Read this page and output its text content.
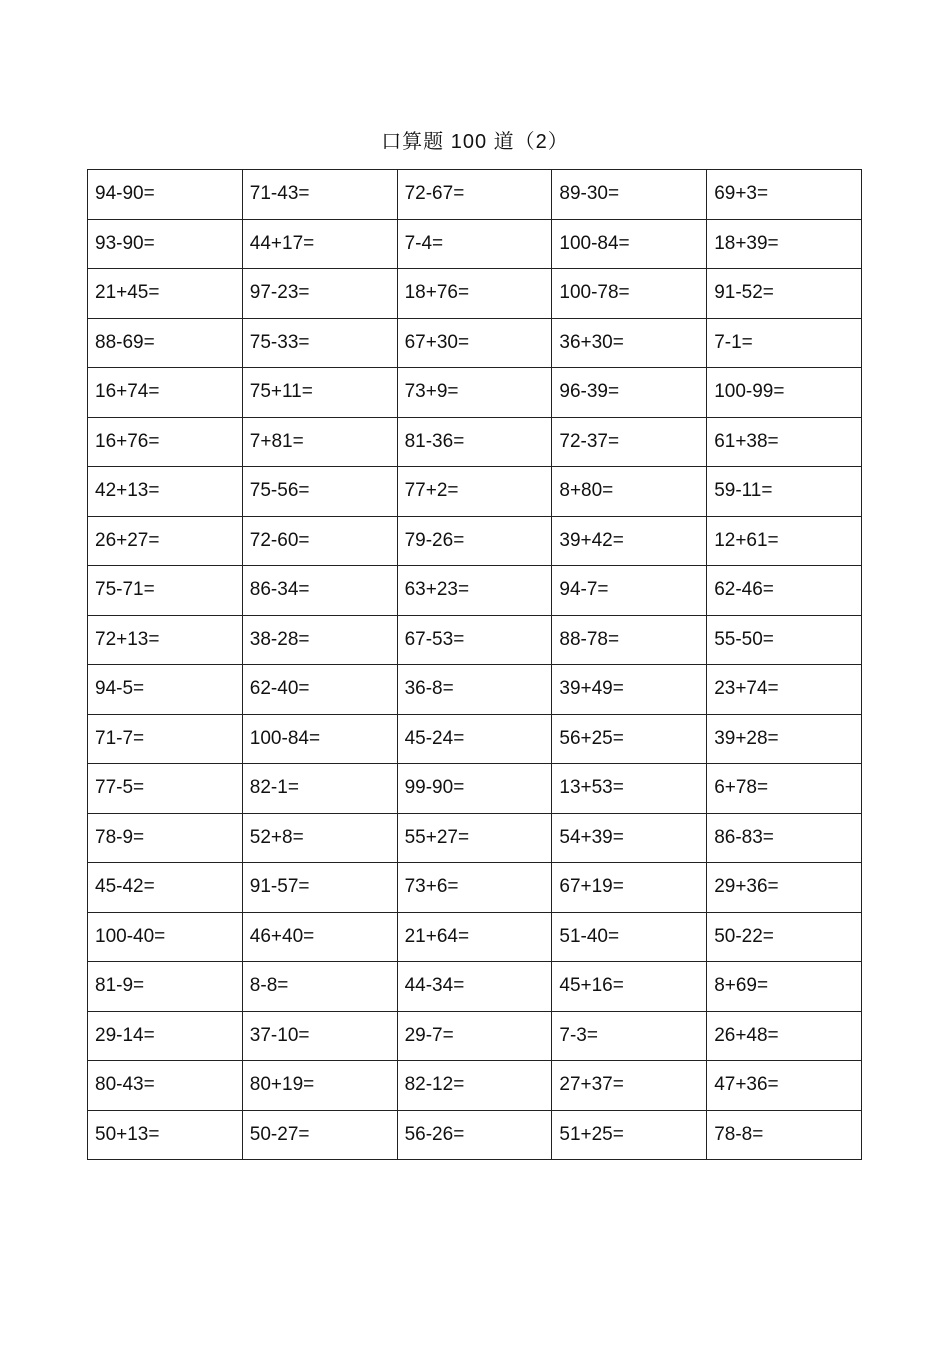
口算题 100 道（2）
94-90=	71-43=	72-67=	89-30=	69+3=
93-90=	44+17=	7-4=	100-84=	18+39=
21+45=	97-23=	18+76=	100-78=	91-52=
88-69=	75-33=	67+30=	36+30=	7-1=
16+74=	75+11=	73+9=	96-39=	100-99=
16+76=	7+81=	81-36=	72-37=	61+38=
42+13=	75-56=	77+2=	8+80=	59-11=
26+27=	72-60=	79-26=	39+42=	12+61=
75-71=	86-34=	63+23=	94-7=	62-46=
72+13=	38-28=	67-53=	88-78=	55-50=
94-5=	62-40=	36-8=	39+49=	23+74=
71-7=	100-84=	45-24=	56+25=	39+28=
77-5=	82-1=	99-90=	13+53=	6+78=
78-9=	52+8=	55+27=	54+39=	86-83=
45-42=	91-57=	73+6=	67+19=	29+36=
100-40=	46+40=	21+64=	51-40=	50-22=
81-9=	8-8=	44-34=	45+16=	8+69=
29-14=	37-10=	29-7=	7-3=	26+48=
80-43=	80+19=	82-12=	27+37=	47+36=
50+13=	50-27=	56-26=	51+25=	78-8=
